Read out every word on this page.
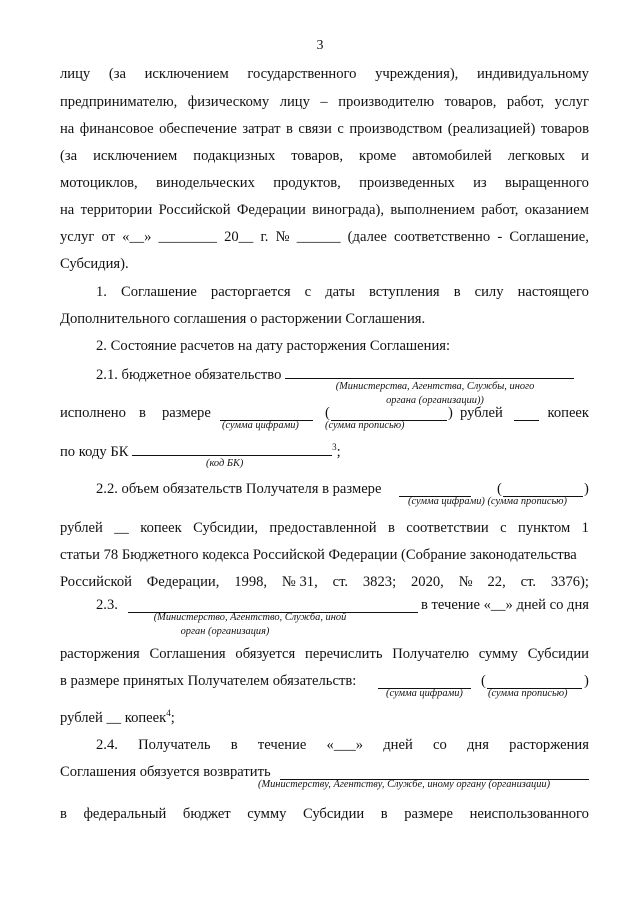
3
лицу (за исключением государственного учреждения), индивидуальному
предпринимателю, физическому лицу – производителю товаров, работ, услуг
на финансовое обеспечение затрат в связи с производством (реализацией) товаров
(за исключением подакцизных товаров, кроме автомобилей легковых и
мотоциклов, винодельческих продуктов, произведенных из выращенного
на территории Российской Федерации винограда), выполнением работ, оказанием
услуг от «__» ________ 20__ г. № ______ (далее соответственно - Соглашение,
Субсидия).
1. Соглашение расторгается с даты вступления в силу настоящего
Дополнительного соглашения о расторжении Соглашения.
2. Состояние расчетов на дату расторжения Соглашения:
2.1. бюджетное обязательство
(Министерства, Агентства, Службы, иного
органа (организации))
исполнено в размере	(	) рублей	копеек
(сумма цифрами)	(сумма прописью)
по коду БК	$^3$;
(код БК)
2.2. объем обязательств Получателя в размере	(	)
(сумма цифрами) (сумма прописью)
рублей __ копеек Субсидии, предоставленной в соответствии с пунктом 1
статьи 78 Бюджетного кодекса Российской Федерации (Собрание законодательства
Российской Федерации, 1998, № 31, ст. 3823; 2020, № 22, ст. 3376);
2.3.	в течение «__» дней со дня
(Министерство, Агентство, Служба, иной
орган (организация)
расторжения Соглашения обязуется перечислить Получателю сумму Субсидии
в размере принятых Получателем обязательств:	(	)
(сумма цифрами) (сумма прописью)
рублей __ копеек$^4$;
2.4. Получатель в течение «___» дней со дня расторжения
Соглашения обязуется возвратить
(Министерству, Агентству, Службе, иному органу (организации)
в федеральный бюджет сумму Субсидии в размере неиспользованного
